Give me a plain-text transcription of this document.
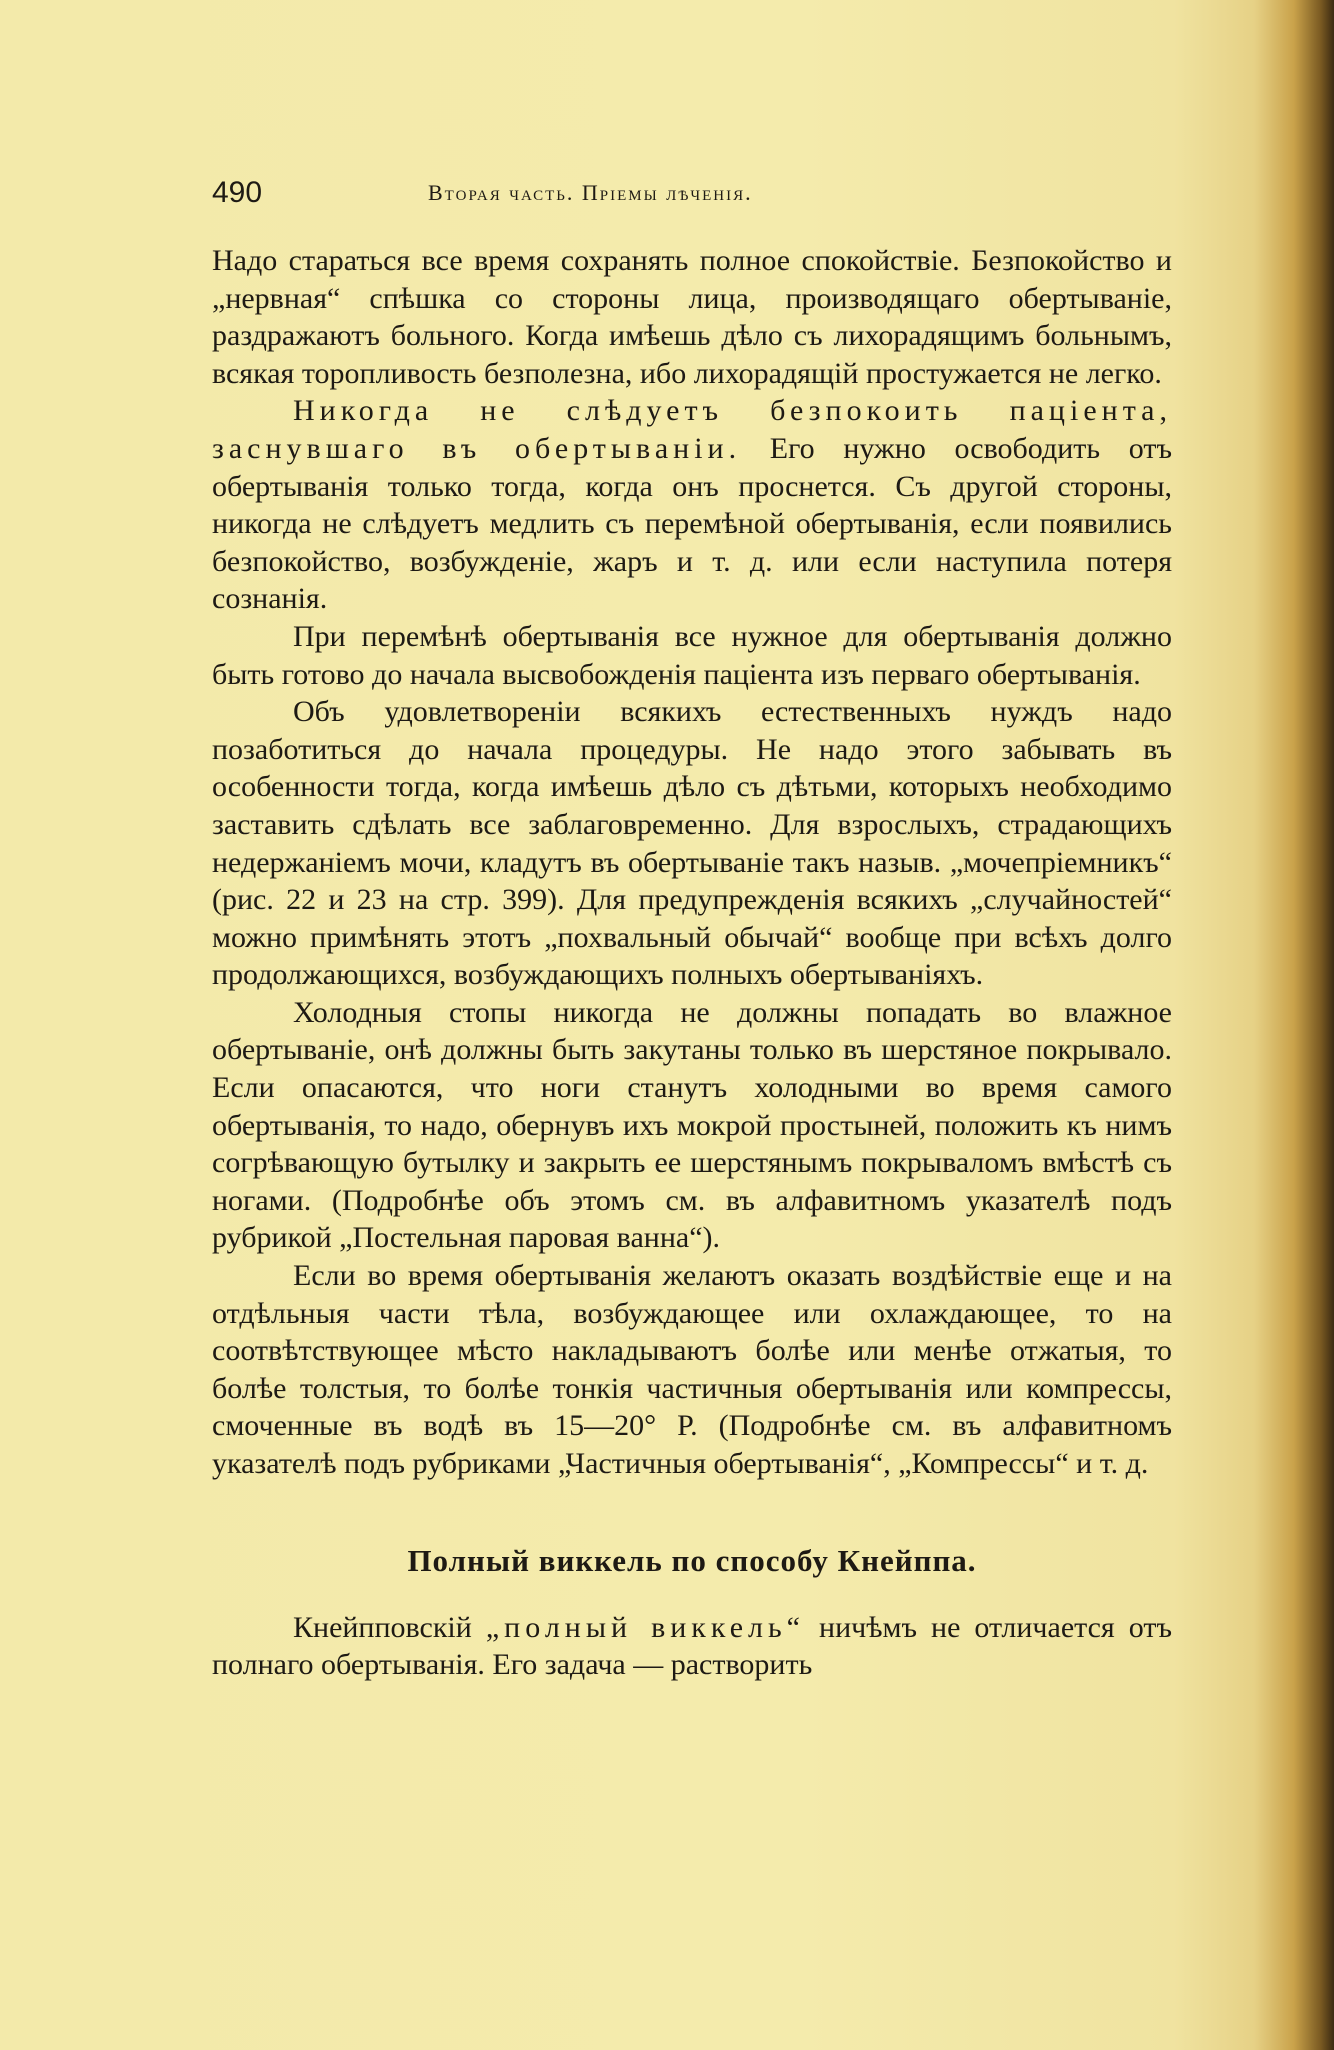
490	Вторая часть. Прiемы лѣченiя.

Надо стараться все время сохранять полное спокойствiе. Безпокойство и „нервная“ спѣшка со стороны лица, производящаго обертыванiе, раздражаютъ больного. Когда имѣешь дѣло съ лихорадящимъ больнымъ, всякая торопливость безполезна, ибо лихорадящiй простужается не легко.

Никогда не слѣдуетъ безпокоить пацiента, заснувшаго въ обертыванiи. Его нужно освободить отъ обертыванiя только тогда, когда онъ проснется. Съ другой стороны, никогда не слѣдуетъ медлить съ перемѣной обертыванiя, если появились безпокойство, возбужденiе, жаръ и т. д. или если наступила потеря сознанiя.

При перемѣнѣ обертыванiя все нужное для обертыванiя должно быть готово до начала высвобожденiя пацiента изъ перваго обертыванiя.

Объ удовлетворенiи всякихъ естественныхъ нуждъ надо позаботиться до начала процедуры. Не надо этого забывать въ особенности тогда, когда имѣешь дѣло съ дѣтьми, которыхъ необходимо заставить сдѣлать все заблаговременно. Для взрослыхъ, страдающихъ недержанiемъ мочи, кладутъ въ обертыванiе такъ назыв. „мочепрiемникъ“ (рис. 22 и 23 на стр. 399). Для предупрежденiя всякихъ „случайностей“ можно примѣнять этотъ „похвальный обычай“ вообще при всѣхъ долго продолжающихся, возбуждающихъ полныхъ обертыванiяхъ.

Холодныя стопы никогда не должны попадать во влажное обертыванiе, онѣ должны быть закутаны только въ шерстяное покрывало. Если опасаются, что ноги станутъ холодными во время самого обертыванiя, то надо, обернувъ ихъ мокрой простыней, положить къ нимъ согрѣвающую бутылку и закрыть ее шерстянымъ покрываломъ вмѣстѣ съ ногами. (Подробнѣе объ этомъ см. въ алфавитномъ указателѣ подъ рубрикой „Постельная паровая ванна“).

Если во время обертыванiя желаютъ оказать воздѣйствiе еще и на отдѣльныя части тѣла, возбуждающее или охлаждающее, то на соотвѣтствующее мѣсто накладываютъ болѣе или менѣе отжатыя, то болѣе толстыя, то болѣе тонкiя частичныя обертыванiя или компрессы, смоченные въ водѣ въ 15—20° Р. (Подробнѣе см. въ алфавитномъ указателѣ подъ рубриками „Частичныя обертыванiя“, „Компрессы“ и т. д.

Полный виккель по способу Кнейппа.

Кнейпповскiй „полный виккель“ ничѣмъ не отличается отъ полнаго обертыванiя. Его задача — растворить
